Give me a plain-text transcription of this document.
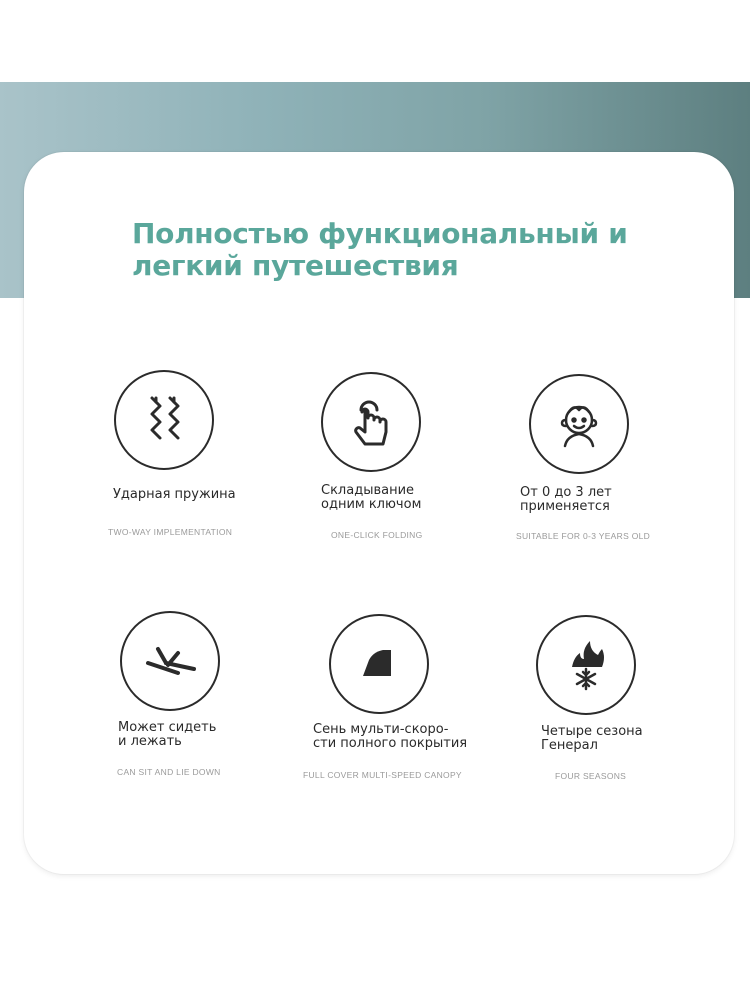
Полностью функциональный и
легкий путешествия
Ударная пружина
TWO-WAY IMPLEMENTATION
Складывание
одним ключом
ONE-CLICK FOLDING
От 0 до 3 лет
применяется
SUITABLE FOR 0-3 YEARS OLD
Может сидеть
и лежать
CAN SIT AND LIE DOWN
Сень мульти-скоро-
сти полного покрытия
FULL COVER MULTI-SPEED CANOPY
Четыре сезона
Генерал
FOUR SEASONS
